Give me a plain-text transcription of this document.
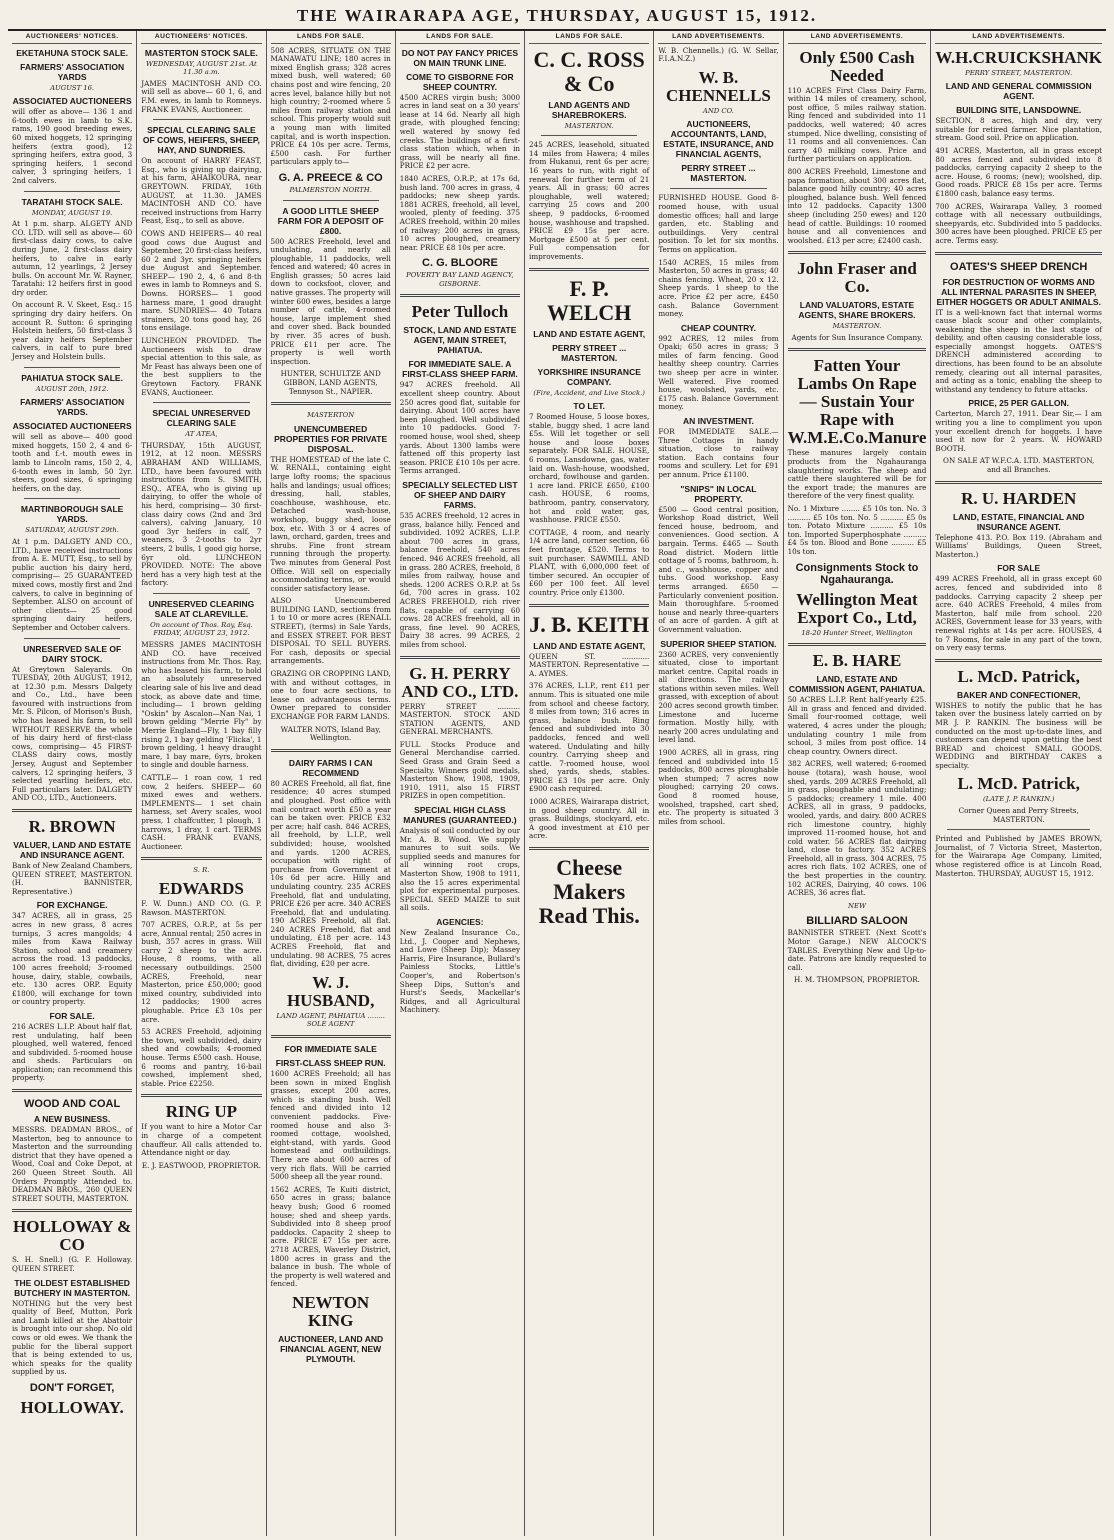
THE WAIRARAPA AGE, THURSDAY, AUGUST 15, 1912.
AUCTIONEERS' NOTICES.
EKETAHUNA STOCK SALE.
FARMERS' ASSOCIATION YARDS
AUGUST 16.
ASSOCIATED AUCTIONEERS
will offer as above— 136 1 and 6-tooth ewes in lamb to S.K. rams, 190 good breeding ewes, 60 mixed hoggets, 12 springing heifers (extra good), 12 springing heifers, extra good, 3 springing heifers, 1 second calver, 3 springing heifers, 1 2nd calvers.
TARATAHI STOCK SALE.
MONDAY, AUGUST 19.
At 1 p.m. sharp. ALGETY AND CO. LTD. will sell as above— 60 first-class dairy cows, to calve during June, 2 first-class dairy heifers, to calve in early autumn, 12 yearlings, 2 Jersey bulls. On account Mr. W. Rayner, Taratahi: 12 heifers first in good dry order.
On account R. V. Skeet, Esq.: 15 springing dry dairy heifers. On account R. Sutton: 6 springing Holstein heifers, 50 first-class 3 year dairy heifers September calvers, in calf to pure bred Jersey and Holstein bulls.
PAHIATUA STOCK SALE.
AUGUST 20th, 1912.
FARMERS' ASSOCIATION YARDS.
ASSOCIATED AUCTIONEERS
will sell as above— 400 good mixed hoggets, 150 2, 4 and 6-tooth and f.-t. mouth ewes in lamb to Lincoln rams, 150 2, 4, 6-tooth ewes in lamb, 50 2yr. steers, good sizes, 6 springing heifers, on the day.
MARTINBOROUGH SALE YARDS.
SATURDAY, AUGUST 29th.
At 1 p.m. DALGETY AND CO., LTD., have received instructions from A. E. MUTT, Esq., to sell by public auction his dairy herd, comprising— 25 GUARANTEED mixed cows, mostly first and 2nd calvers, to calve in beginning of September. ALSO on account of other clients— 25 good springing dairy heifers, September and October calvers.
UNRESERVED SALE OF DAIRY STOCK.
At Greytown Saleyards. On TUESDAY, 20th AUGUST, 1912, at 12.30 p.m. Messrs Dalgety and Co., Ltd., have been favoured with instructions from Mr. S. Pilcon, of Morison's Bush, who has leased his farm, to sell WITHOUT RESERVE the whole of his dairy herd of first-class cows, comprising— 45 FIRST-CLASS dairy cows, mostly Jersey, August and September calvers, 12 springing heifers, 3 selected yearling heifers, etc. Full particulars later. DALGETY AND CO., LTD., Auctioneers.
R. BROWN
VALUER, LAND AND ESTATE AND INSURANCE AGENT.
Bank of New Zealand Chambers, QUEEN STREET, MASTERTON. (H. BANNISTER, Representative.)
FOR EXCHANGE.
347 ACRES, all in grass, 25 acres in new grass, 8 acres turnips, 3 acres mangolds; 4 miles from Kawa Railway Station, school and creamery across the road. 13 paddocks, 100 acres freehold; 3-roomed house, dairy, stable, cowbails, etc. 130 acres ORP. Equity £1800, will exchange for town or country property.
FOR SALE.
216 ACRES L.I.P. About half flat, rest undulating, half been ploughed, well watered, fenced and subdivided. 5-roomed house and sheds. Particulars on application; can recommend this property.
WOOD AND COAL
A NEW BUSINESS.
MESSRS. DEADMAN BROS., of Masterton, beg to announce to Masterton and the surrounding district that they have opened a Wood, Coal and Coke Depot, at 260 Queen Street South. All Orders Promptly Attended to. DEADMAN BROS., 260 QUEEN STREET SOUTH, MASTERTON.
HOLLOWAY & CO
S. H. Snell.) (G. F. Holloway. QUEEN STREET.
THE OLDEST ESTABLISHED BUTCHERY IN MASTERTON.
NOTHING but the very best quality of Beef, Mutton, Pork and Lamb killed at the Abattoir is brought into our shop. No old cows or old ewes. We thank the public for the liberal support that is being extended to us, which speaks for the quality supplied by us.
DON'T FORGET,
HOLLOWAY.
AUCTIONEERS' NOTICES.
MASTERTON STOCK SALE.
WEDNESDAY, AUGUST 21st. At 11.30 a.m.
JAMES MACINTOSH AND CO. will sell as above— 60 1, 6, and F.M. ewes, in lamb to Romneys. FRANK EVANS, Auctioneer.
SPECIAL CLEARING SALE OF COWS, HEIFERS, SHEEP, HAY, AND SUNDRIES.
On account of HARRY FEAST, Esq., who is giving up dairying, at his farm, AHAIKOURA, near GREYTOWN. FRIDAY, 16th AUGUST, at 11.30. JAMES MACINTOSH AND CO. have received instructions from Harry Feast, Esq., to sell as above.
COWS AND HEIFERS— 40 real good cows due August and September, 20 first-class heifers, 60 2 and 3yr. springing heifers due August and September. SHEEP— 190 2, 4, 6 and 8-th ewes in lamb to Romneys and S. Downs. HORSES— 1 good harness mare, 1 good draught mare. SUNDRIES— 40 Totara strainers, 20 tons good hay, 26 tons ensilage.
LUNCHEON PROVIDED. The Auctioneers wish to draw special attention to this sale, as Mr Feast has always been one of the best suppliers to the Greytown Factory. FRANK EVANS, Auctioneer.
SPECIAL UNRESERVED CLEARING SALE
AT ATEA,
THURSDAY, 15th AUGUST, 1912, at 12 noon. MESSRS ABRAHAM AND WILLIAMS, LTD., have been favoured with instructions from S. SMITH, ESQ., ATEA, who is giving up dairying, to offer the whole of his herd, comprising— 30 first-class dairy cows (2nd and 3rd calvers), calving January, 10 good 3yr heifers in calf, 7 weaners, 3 2-tooths to 2yr steers, 2 bulls, 1 good gig horse, 6yr old. LUNCHEON PROVIDED. NOTE: The above herd has a very high test at the factory.
UNRESERVED CLEARING SALE AT CLAREVILLE.
On account of Thos. Ray, Esq. FRIDAY, AUGUST 23, 1912.
MESSRS JAMES MACINTOSH AND CO. have received instructions from Mr. Thos. Ray, who has leased his farm, to hold an absolutely unreserved clearing sale of his live and dead stock, as above date and time, including— 1 brown gelding "Oskin" by Ascalon—Nan Nai, 1 brown gelding "Merrie Fly" by Merrie England—Fly, 1 bay filly rising 2, 1 bay gelding 'Flicka', 1 brown gelding, 1 heavy draught mare, 1 bay mare, 6yrs, broken to single and double harness.
CATTLE— 1 roan cow, 1 red cow, 2 heifers. SHEEP— 60 mixed ewes and wethers. IMPLEMENTS— 1 set chain harness, set Avery scales, wool press, 1 chaffcutter, 1 plough, 1 harrows, 1 dray, 1 cart. TERMS CASH. FRANK EVANS, Auctioneer.
S. R.
EDWARDS
F. W. Dunn.) AND CO. (G. P. Rawson. MASTERTON.
707 ACRES, O.R.P., at 5s per acre, Annual rental; 250 acres in bush, 357 acres in grass. Will carry 2 sheep to the acre. House, 8 rooms, with all necessary outbuildings. 2500 ACRES, Freehold, near Masterton, price £50,000; good mixed country, subdivided into 12 paddocks; 1900 acres ploughable. Price £3 10s per acre.
53 ACRES Freehold, adjoining the town, well subdivided, dairy shed and cowbails; 4-roomed house. Terms £500 cash. House, 6 rooms and pantry, 16-bail cowshed, implement shed, stable. Price £2250.
RING UP
If you want to hire a Motor Car in charge of a competent chauffeur. All calls attended to. Attendance night or day.
E. J. EASTWOOD, PROPRIETOR.
LANDS FOR SALE.
508 ACRES, SITUATE ON THE MANAWATU LINE; 180 acres in mixed English grass; 328 acres mixed bush, well watered; 60 chains post and wire fencing, 20 acres level, balance hilly but not high country; 2-roomed where 5 miles from railway station and school. This property would suit a young man with limited capital, and is worth inspection. PRICE £4 10s per acre. Terms, £500 cash. For further particulars apply to—
G. A. PREECE & CO
PALMERSTON NORTH.
A GOOD LITTLE SHEEP FARM FOR A DEPOSIT OF £800.
500 ACRES Freehold, level and undulating, and nearly all ploughable, 11 paddocks, well fenced and watered; 40 acres in English grasses; 50 acres laid down to cocksfoot, clover, and native grasses. The property will winter 600 ewes, besides a large number of cattle, 4-roomed house, large implement shed and cover shed. Back bounded by river. 35 acres of bush. PRICE £11 per acre. The property is well worth inspection.
HUNTER, SCHULTZE AND GIBBON, LAND AGENTS, Tennyson St., NAPIER.
MASTERTON
UNENCUMBERED PROPERTIES FOR PRIVATE DISPOSAL.
THE HOMESTEAD of the late C. W. RENALL, containing eight large lofty rooms; the spacious halls and landings; usual offices; dressing, hall, stables, coachhouse, washhouse, etc. Detached wash-house, workshop, buggy shed, loose box, etc. With 3 or 4 acres of lawn, orchard, garden, trees and shrubs. Fine front stream running through the property. Two minutes from General Post Office. Will sell on especially accommodating terms, or would consider satisfactory lease.
ALSO Unencumbered BUILDING LAND, sections from 1 to 10 or more acres (RENALL STREET), (terms) in Sale Yards, and ESSEX STREET. FOR BEST DISPOSAL TO SELL BUYERS. For cash, deposits or special arrangements.
GRAZING OR CROPPING LAND, with and without cottages, in one to four acre sections, to lease on advantageous terms. Owner prepared to consider EXCHANGE FOR FARM LANDS.
WALTER NOTS, Island Bay, Wellington.
DAIRY FARMS I CAN RECOMMEND
80 ACRES Freehold, all flat, fine residence; 40 acres stumped and ploughed. Post office with mail contract worth £50 a year can be taken over. PRICE £32 per acre; half cash. 846 ACRES, all freehold, by L.I.P., well subdivided; house, woolshed and yards. 1200 ACRES, occupation with right of purchase from Government at 10s 6d per acre. Hilly and undulating country. 235 ACRES Freehold, flat and undulating, PRICE £26 per acre. 340 ACRES Freehold, flat and undulating. 190 ACRES Freehold, all flat. 240 ACRES Freehold, flat and undulating, £18 per acre. 143 ACRES Freehold, flat and undulating. 98 ACRES, 75 acres flat, dividing, £20 per acre.
W. J. HUSBAND,
LAND AGENT, PAHIATUA ........ SOLE AGENT
FOR IMMEDIATE SALE
FIRST-CLASS SHEEP RUN.
1600 ACRES Freehold; all has been sown in mixed English grasses, except 200 acres, which is standing bush. Well fenced and divided into 12 convenient paddocks. Five-roomed house and also 3-roomed cottage, woolshed, eight-stand, with yards. Good homestead and outbuildings. There are about 600 acres of very rich flats. Will be carried 5000 sheep all the year round.
1562 ACRES, Te Kuiti district, 650 acres in grass; balance heavy bush; Good 6 roomed house; shed and sheep yards. Subdivided into 8 sheep proof paddocks. Capacity 2 sheep to acre. PRICE £7 15s per acre. 2718 ACRES, Waverley District, 1800 acres in grass and the balance in bush. The whole of the property is well watered and fenced.
NEWTON KING
AUCTIONEER, LAND AND FINANCIAL AGENT, NEW PLYMOUTH.
LANDS FOR SALE.
DO NOT PAY FANCY PRICES ON MAIN TRUNK LINE.
COME TO GISBORNE FOR SHEEP COUNTRY.
4500 ACRES virgin bush; 3000 acres in land seat on a 30 years' lease at 14 6d. Nearly all high grade, with ploughed fencing; well watered by snowy fed creeks. The buildings of a first-class station which, when in grass, will be nearly all fine. PRICE £2 per acre.
1840 ACRES, O.R.P., at 17s 6d, bush land. 700 acres in grass, 4 paddocks; new sheep yards. 1881 ACRES, freehold, all level, wooled, plenty of feeding. 375 ACRES freehold, within 20 miles of railway; 200 acres in grass, 10 acres ploughed, creamery near. PRICE £8 10s per acre.
C. G. BLOORE
POVERTY BAY LAND AGENCY, GISBORNE.
Peter Tulloch
STOCK, LAND AND ESTATE AGENT, MAIN STREET, PAHIATUA.
FOR IMMEDIATE SALE. A FIRST-CLASS SHEEP FARM.
947 ACRES freehold. All excellent sheep country. About 250 acres good flat, suitable for dairying. About 100 acres have been ploughed. Well subdivided into 10 paddocks. Good 7-roomed house, wool shed, sheep yards. About 1300 lambs were fattened off this property last season. PRICE £10 10s per acre. Terms arranged.
SPECIALLY SELECTED LIST OF SHEEP AND DAIRY FARMS.
535 ACRES freehold, 12 acres in grass, balance hilly. Fenced and subdivided. 1092 ACRES, L.I.P. about 700 acres in grass, balance freehold, 540 acres fenced. 946 ACRES freehold, all in grass. 280 ACRES, freehold, 8 miles from railway, house and sheds. 1200 ACRES O.R.P. at 5s 6d, 700 acres in grass. 102 ACRES FREEHOLD, rich river flats, capable of carrying 60 cows. 28 ACRES freehold, all in grass, fine level. 90 ACRES, Dairy 38 acres. 99 ACRES, 2 miles from school.
G. H. PERRY AND CO., LTD.
PERRY STREET .......... MASTERTON. STOCK AND STATION AGENTS, AND GENERAL MERCHANTS.
FULL Stocks Produce and General Merchandise carried. Seed Grass and Grain Seed a Specialty. Winners gold medals, Masterton Show, 1908, 1909, 1910, 1911, also 15 FIRST PRIZES in open competition.
SPECIAL HIGH CLASS MANURES (GUARANTEED.)
Analysis of soil conducted by our Mr. A. B. Wood. We supply manures to suit soils. We supplied seeds and manures for all winning root crops, Masterton Show, 1908 to 1911, also the 15 acres experimental plot for experimental purposes. SPECIAL SEED MAIZE to suit all soils.
AGENCIES:
New Zealand Insurance Co., Ltd., J. Cooper and Nephews, and Lowe (Sheep Dip); Massey Harris, Fire Insurance, Bullard's Painless Stocks, Little's Cooper's, and Robertson's Sheep Dips, Sutton's and Hurst's Seeds, Mackellar's Ridges, and all Agricultural Machinery.
LANDS FOR SALE.
C. C. ROSS & Co
LAND AGENTS AND SHAREBROKERS.
MASTERTON.
245 ACRES, leasehold, situated 14 miles from Hawera; 4 miles from Hukanui, rent 6s per acre; 16 years to run, with right of renewal for further term of 21 years. All in grass; 60 acres ploughable, well watered; carrying 25 cows and 200 sheep, 9 paddocks, 6-roomed house, washhouse and trapshed. PRICE £9 15s per acre. Mortgage £500 at 5 per cent. Full compensation for improvements.
F. P. WELCH
LAND AND ESTATE AGENT,
PERRY STREET ... MASTERTON.
YORKSHIRE INSURANCE COMPANY.
(Fire, Accident, and Live Stock.)
TO LET.
7 Roomed House, 5 loose boxes, stable, buggy shed, 1 acre land £5s. Will let together or sell house and loose boxes separately. FOR SALE. HOUSE, 6 rooms, Lansdowne, gas, water laid on. Wash-house, woodshed, orchard, fowlhouse and garden. 1 acre land. PRICE £650, £100 cash. HOUSE, 6 rooms, bathroom, pantry, conservatory, hot and cold water, gas, washhouse. PRICE £550.
COTTAGE, 4 room, and nearly 1/4 acre land, corner section, 66 feet frontage, £520. Terms to suit purchaser. SAWMILL AND PLANT, with 6,000,000 feet of timber secured. An occupier of £60 per 100 feet. All level country. Price only £1300.
J. B. KEITH
LAND AND ESTATE AGENT,
QUEEN ST. ............ MASTERTON. Representative — A. AYMES.
376 ACRES, L.I.P., rent £11 per annum. This is situated one mile from school and cheese factory, 8 miles from town; 316 acres in grass, balance bush. Ring fenced and subdivided into 30 paddocks, fenced and well watered. Undulating and hilly country. Carrying sheep and cattle. 7-roomed house, wool shed, yards, sheds, stables. PRICE £3 10s per acre. Only £900 cash required.
1000 ACRES, Wairarapa district, in good sheep country. All in grass. Buildings, stockyard, etc. A good investment at £10 per acre.
Cheese Makers Read This.
LAND ADVERTISEMENTS.
W. B. Chennells.) (G. W. Sellar, F.I.A.N.Z.)
W. B. CHENNELLS
AND CO.
AUCTIONEERS, ACCOUNTANTS, LAND, ESTATE, INSURANCE, AND FINANCIAL AGENTS,
PERRY STREET ... MASTERTON.
FURNISHED HOUSE. Good 8-roomed house, with usual domestic offices; hall and large garden, etc. Stabling and outbuildings. Very central position. To let for six months. Terms on application.
1540 ACRES, 15 miles from Masterton, 50 acres in grass; 40 chains fencing. Wheat, 20 x 12. Sheep yards. 1 sheep to the acre. Price £2 per acre, £450 cash. Balance Government money.
CHEAP COUNTRY.
992 ACRES, 12 miles from Opaki; 650 acres in grass; 3 miles of farm fencing. Good healthy sheep country. Carries two sheep per acre in winter. Well watered. Five roomed house, woolshed, yards, etc. £175 cash. Balance Government money.
AN INVESTMENT.
FOR IMMEDIATE SALE.— Three Cottages in handy situation, close to railway station. Each contains four rooms and scullery. Let for £91 per annum. Price £1100.
"SNIPS" IN LOCAL PROPERTY.
£500 — Good central position, Workshop Road district, Well fenced house, bedroom, and conveniences. Good section. A bargain. Terms. £465 — South Road district. Modern little cottage of 5 rooms, bathroom, h. and c., washhouse, copper and tubs. Good workshop. Easy terms arranged. £650 — Particularly convenient position. Main thoroughfare. 5-roomed house and nearly three-quarters of an acre of garden. A gift at Government valuation.
SUPERIOR SHEEP STATION.
2360 ACRES, very conveniently situated, close to important market centre. Capital roads in all directions. The railway stations within seven miles. Well grassed, with exception of about 200 acres second growth timber. Limestone and lucerne formation. Mostly hilly, with nearly 200 acres undulating and level land.
1900 ACRES, all in grass, ring fenced and subdivided into 15 paddocks, 800 acres ploughable when stumped; 7 acres now ploughed; carrying 20 cows. Good 8 roomed house, woolshed, trapshed, cart shed, etc. The property is situated 3 miles from school.
LAND ADVERTISEMENTS.
Only £500 Cash Needed
110 ACRES First Class Dairy Farm, within 14 miles of creamery, school, post office, 5 miles railway station. Ring fenced and subdivided into 11 paddocks, well watered; 40 acres stumped. Nice dwelling, consisting of 11 rooms and all conveniences. Can carry 40 milking cows. Price and further particulars on application.
800 ACRES Freehold, Limestone and papa formation, about 300 acres flat, balance good hilly country; 40 acres ploughed, balance bush. Well fenced into 12 paddocks. Capacity 1300 sheep (including 250 ewes) and 120 head of cattle. Buildings: 10 roomed house and all conveniences and woolshed. £13 per acre; £2400 cash.
John Fraser and Co.
LAND VALUATORS, ESTATE AGENTS, SHARE BROKERS.
MASTERTON.
Agents for Sun Insurance Company.
Fatten Your Lambs On Rape — Sustain Your Rape with W.M.E.Co.Manure
These manures largely contain products from the Ngahauranga slaughtering works. The sheep and cattle there slaughtered will be for the export trade; the manures are therefore of the very finest quality.
No. 1 Mixture ........ £5 10s ton. No. 3 .......... £5 10s ton. No. 5 .......... £5 0s ton. Potato Mixture .......... £5 10s ton. Imported Superphosphate .......... £4 5s ton. Blood and Bone .......... £5 10s ton.
Consignments Stock to Ngahauranga.
Wellington Meat Export Co., Ltd,
18-20 Hunter Street, Wellington
E. B. HARE
LAND, ESTATE AND COMMISSION AGENT, PAHIATUA.
50 ACRES L.I.P. Rent half-yearly £25. All in grass and fenced and divided. Small four-roomed cottage, well watered, 4 acres under the plough; undulating country 1 mile from school, 3 miles from post office. 14 cheap country. Owners direct.
382 ACRES, well watered; 6-roomed house (totara), wash house, wool shed, yards. 209 ACRES Freehold, all in grass, ploughable and undulating; 5 paddocks; creamery 1 mile. 400 ACRES, all in grass, 9 paddocks, wooled, yards, and dairy. 800 ACRES rich limestone country, highly improved 11-roomed house, hot and cold water. 56 ACRES flat dairying land, close to factory. 352 ACRES Freehold, all in grass. 304 ACRES, 75 acres rich flats. 102 ACRES, one of the best properties in the country. 102 ACRES, Dairying, 40 cows. 106 ACRES, 36 acres flat.
NEW
BILLIARD SALOON
BANNISTER STREET. (Next Scott's Motor Garage.) NEW ALCOCK'S TABLES. Everything New and Up-to-date. Patrons are kindly requested to call.
H. M. THOMPSON, PROPRIETOR.
LAND ADVERTISEMENTS.
W.H.CRUICKSHANK
PERRY STREET, MASTERTON.
LAND AND GENERAL COMMISSION AGENT.
BUILDING SITE, LANSDOWNE.
SECTION, 8 acres, high and dry, very suitable for retired farmer. Nice plantation, stream. Good soil. Price on application.
491 ACRES, Masterton, all in grass except 80 acres fenced and subdivided into 8 paddocks, carrying capacity 2 sheep to the acre. House, 6 rooms; (new); woolshed, dip. Good roads. PRICE £8 15s per acre. Terms £1800 cash, balance easy terms.
700 ACRES, Wairarapa Valley, 3 roomed cottage with all necessary outbuildings, sheepyards, etc. Subdivided into 5 paddocks. 300 acres have been ploughed. PRICE £5 per acre. Terms easy.
OATES'S SHEEP DRENCH
FOR DESTRUCTION OF WORMS AND ALL INTERNAL PARASITES IN SHEEP, EITHER HOGGETS OR ADULT ANIMALS.
IT is a well-known fact that internal worms cause black scour and other complaints, weakening the sheep in the last stage of debility, and often causing considerable loss, especially amongst hoggets. OATES'S DRENCH administered according to directions, has been found to be an absolute remedy, clearing out all internal parasites, and acting as a tonic, enabling the sheep to withstand any tendency to future attacks.
PRICE, 25 PER GALLON.
Carterton, March 27, 1911. Dear Sir,— I am writing you a line to compliment you upon your excellent drench for hoggets. I have used it now for 2 years. W. HOWARD BOOTH.
ON SALE AT W.F.C.A. LTD. MASTERTON, and all Branches.
R. U. HARDEN
LAND, ESTATE, FINANCIAL AND INSURANCE AGENT.
Telephone 413. P.O. Box 119. (Abraham and Williams' Buildings, Queen Street, Masterton.)
FOR SALE
499 ACRES Freehold, all in grass except 60 acres, fenced and subdivided into 8 paddocks. Carrying capacity 2 sheep per acre. 640 ACRES Freehold, 4 miles from Masterton, half mile from school. 220 ACRES, Government lease for 33 years, with renewal rights at 14s per acre. HOUSES, 4 to 7 Rooms, for sale in any part of the town, on very easy terms.
L. McD. Patrick,
BAKER AND CONFECTIONER,
WISHES to notify the public that he has taken over the business lately carried on by MR J. P. RANKIN. The business will be conducted on the most up-to-date lines, and customers can depend upon getting the best BREAD and choicest SMALL GOODS. WEDDING and BIRTHDAY CAKES a specialty.
L. McD. Patrick,
(LATE J. P. RANKIN.)
Corner Queen and Perry Streets, MASTERTON.
Printed and Published by JAMES BROWN, Journalist, of 7 Victoria Street, Masterton, for the Wairarapa Age Company, Limited, whose registered office is at Lincoln Road, Masterton. THURSDAY, AUGUST 15, 1912.
